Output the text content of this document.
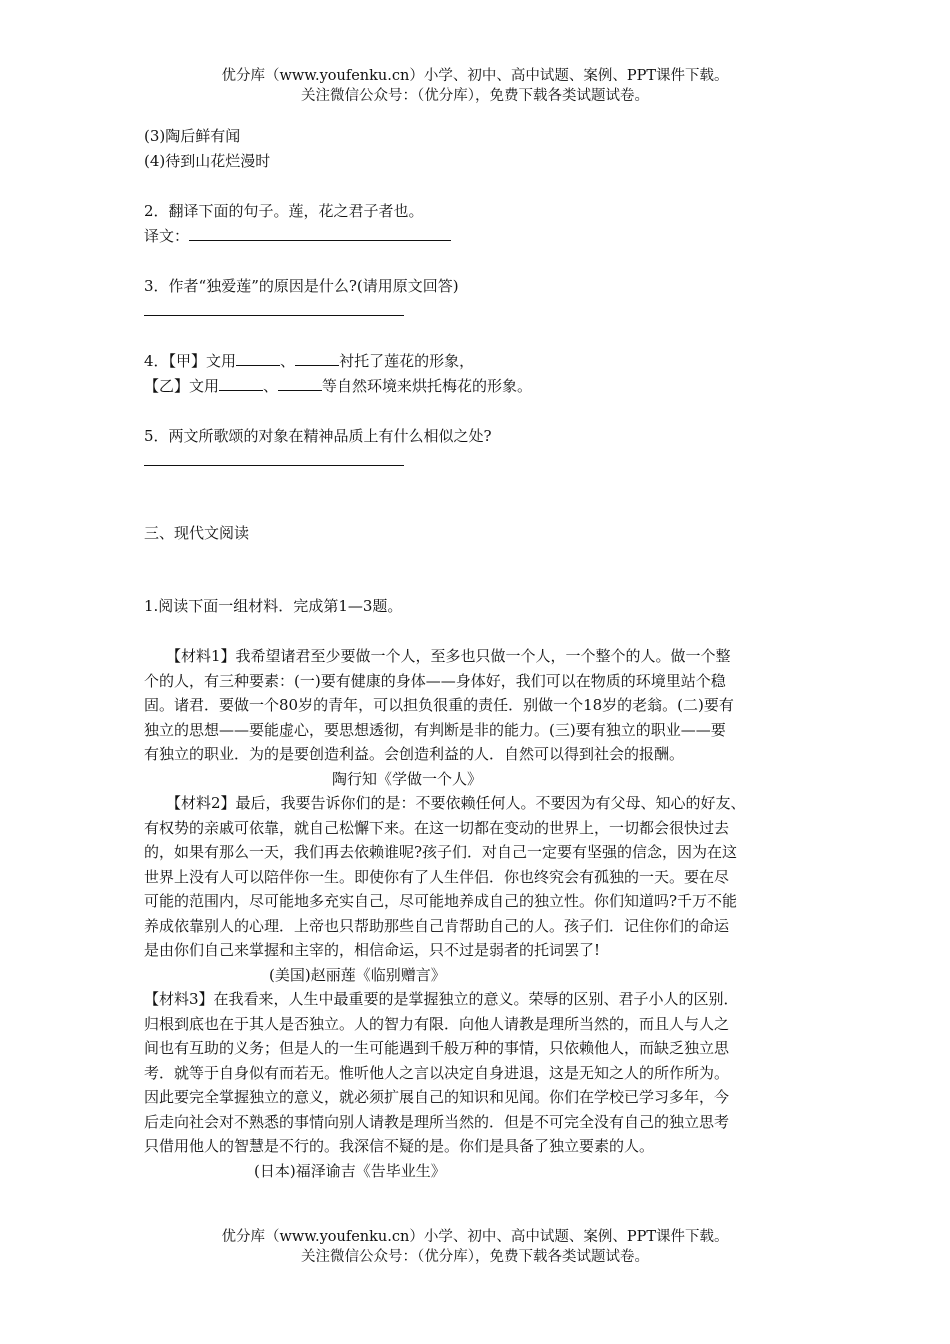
优分库（www.youfenku.cn）小学、初中、高中试题、案例、PPT课件下载。
关注微信公众号：（优分库），免费下载各类试题试卷。

(3)陶后鲜有闻

(4)待到山花烂漫时

2．翻译下面的句子。莲，花之君子者也。

译文：

3．作者“独爱莲”的原因是什么?(请用原文回答)

4．【甲】文用	、	衬托了莲花的形象，

【乙】文用	、	等自然环境来烘托梅花的形象。

5．两文所歌颂的对象在精神品质上有什么相似之处?

三、现代文阅读

1.阅读下面一组材料．完成第1—3题。

【材料1】我希望诸君至少要做一个人，至多也只做一个人，一个整个的人。做一个整
个的人，有三种要素：(一)要有健康的身体——身体好，我们可以在物质的环境里站个稳
固。诸君．要做一个80岁的青年，可以担负很重的责任．别做一个18岁的老翁。(二)要有
独立的思想——要能虚心，要思想透彻，有判断是非的能力。(三)要有独立的职业——要
有独立的职业．为的是要创造利益。会创造利益的人．自然可以得到社会的报酬。
陶行知《学做一个人》
【材料2】最后，我要告诉你们的是：不要依赖任何人。不要因为有父母、知心的好友、
有权势的亲戚可依靠，就自己松懈下来。在这一切都在变动的世界上，一切都会很快过去
的，如果有那么一天，我们再去依赖谁呢?孩子们．对自己一定要有坚强的信念，因为在这
世界上没有人可以陪伴你一生。即使你有了人生伴侣．你也终究会有孤独的一天。要在尽
可能的范围内，尽可能地多充实自己，尽可能地养成自己的独立性。你们知道吗?千万不能
养成依靠别人的心理．上帝也只帮助那些自己肯帮助自己的人。孩子们．记住你们的命运
是由你们自己来掌握和主宰的，相信命运，只不过是弱者的托词罢了!
(美国)赵丽莲《临别赠言》
【材料3】在我看来，人生中最重要的是掌握独立的意义。荣辱的区别、君子小人的区别．
归根到底也在于其人是否独立。人的智力有限．向他人请教是理所当然的，而且人与人之
间也有互助的义务；但是人的一生可能遇到千般万种的事情，只依赖他人，而缺乏独立思
考．就等于自身似有而若无。惟听他人之言以决定自身进退，这是无知之人的所作所为。
因此要完全掌握独立的意义，就必须扩展自己的知识和见闻。你们在学校已学习多年，今
后走向社会对不熟悉的事情向别人请教是理所当然的．但是不可完全没有自己的独立思考
只借用他人的智慧是不行的。我深信不疑的是。你们是具备了独立要素的人。
(日本)福泽谕吉《告毕业生》
优分库（www.youfenku.cn）小学、初中、高中试题、案例、PPT课件下载。
关注微信公众号：（优分库），免费下载各类试题试卷。
